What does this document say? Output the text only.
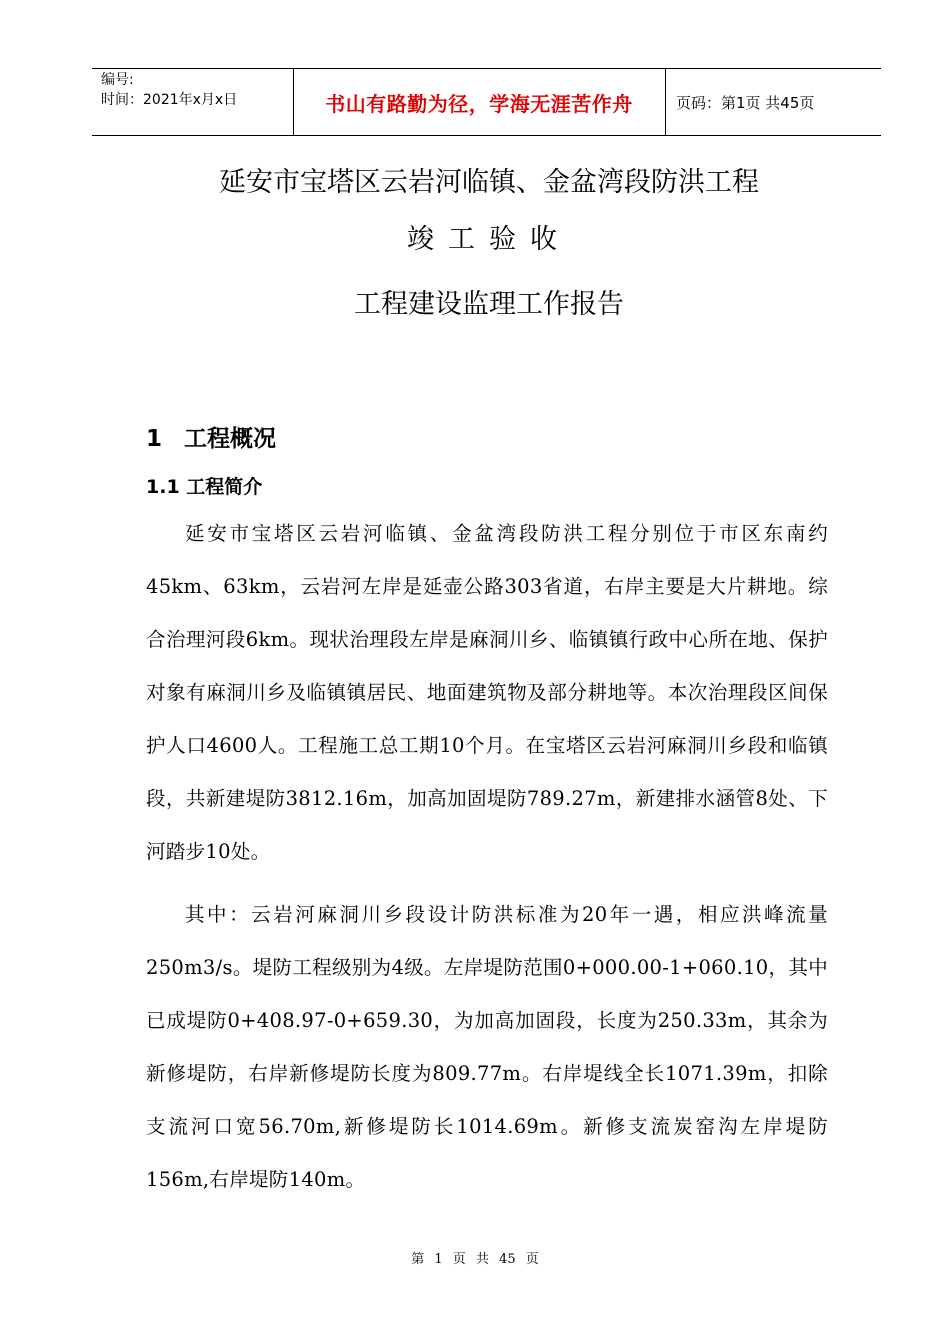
编号:
时间：2021年x月x日	书山有路勤为径，学海无涯苦作舟	页码：第1页 共45页
延安市宝塔区云岩河临镇、金盆湾段防洪工程
竣工验收
工程建设监理工作报告
1 工程概况
1.1 工程简介
延安市宝塔区云岩河临镇、金盆湾段防洪工程分别位于市区东南约45km、63km，云岩河左岸是延壶公路303省道，右岸主要是大片耕地。综合治理河段6km。现状治理段左岸是麻洞川乡、临镇镇行政中心所在地、保护对象有麻洞川乡及临镇镇居民、地面建筑物及部分耕地等。本次治理段区间保护人口4600人。工程施工总工期10个月。在宝塔区云岩河麻洞川乡段和临镇段，共新建堤防3812.16m，加高加固堤防789.27m，新建排水涵管8处、下河踏步10处。
其中：云岩河麻洞川乡段设计防洪标准为20年一遇，相应洪峰流量250m3/s。堤防工程级别为4级。左岸堤防范围0+000.00-1+060.10，其中已成堤防0+408.97-0+659.30，为加高加固段，长度为250.33m，其余为新修堤防，右岸新修堤防长度为809.77m。右岸堤线全长1071.39m，扣除支流河口宽56.70m,新修堤防长1014.69m。新修支流炭窑沟左岸堤防156m,右岸堤防140m。
第 1 页 共 45 页
